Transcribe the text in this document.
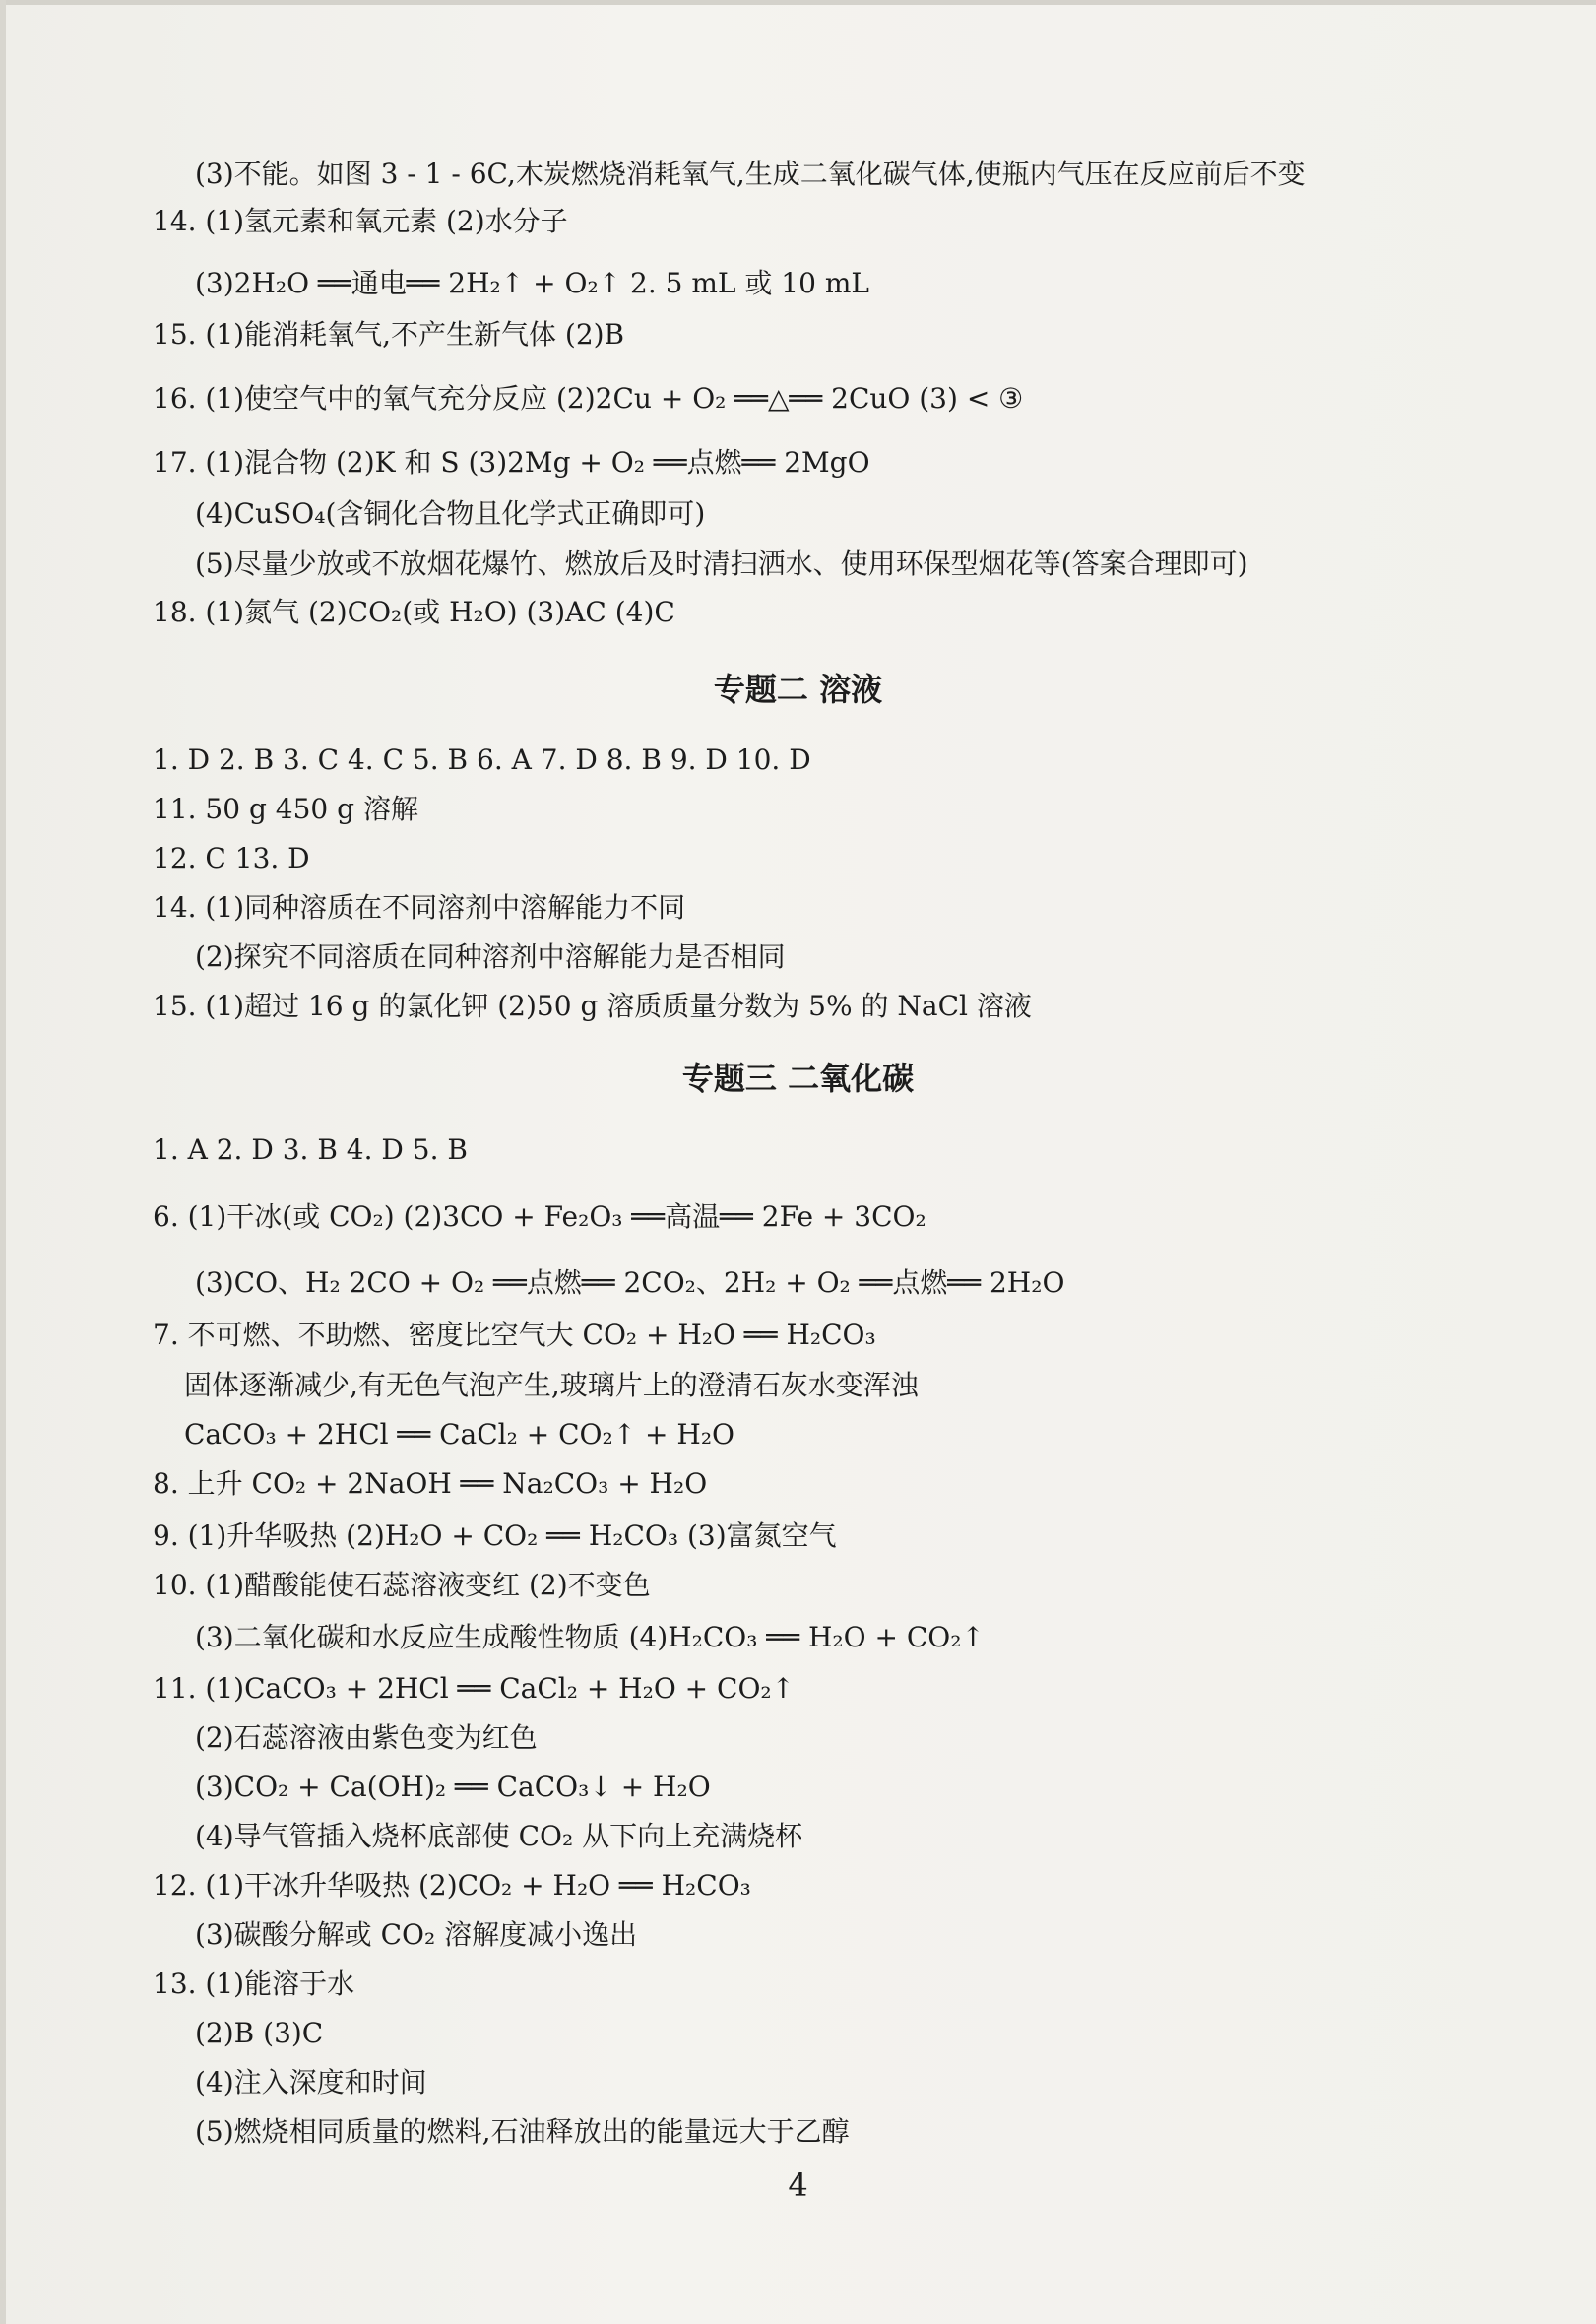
(3)不能。如图 3 - 1 - 6C,木炭燃烧消耗氧气,生成二氧化碳气体,使瓶内气压在反应前后不变
14. (1)氢元素和氧元素 (2)水分子
(3)2H₂O ══通电══ 2H₂↑ + O₂↑ 2. 5 mL 或 10 mL
15. (1)能消耗氧气,不产生新气体 (2)B
16. (1)使空气中的氧气充分反应 (2)2Cu + O₂ ══△══ 2CuO (3) < ③
17. (1)混合物 (2)K 和 S (3)2Mg + O₂ ══点燃══ 2MgO
(4)CuSO₄(含铜化合物且化学式正确即可)
(5)尽量少放或不放烟花爆竹、燃放后及时清扫洒水、使用环保型烟花等(答案合理即可)
18. (1)氮气 (2)CO₂(或 H₂O) (3)AC (4)C
专题二 溶液
1. D 2. B 3. C 4. C 5. B 6. A 7. D 8. B 9. D 10. D
11. 50 g 450 g 溶解
12. C 13. D
14. (1)同种溶质在不同溶剂中溶解能力不同
(2)探究不同溶质在同种溶剂中溶解能力是否相同
15. (1)超过 16 g 的氯化钾 (2)50 g 溶质质量分数为 5% 的 NaCl 溶液
专题三 二氧化碳
1. A 2. D 3. B 4. D 5. B
6. (1)干冰(或 CO₂) (2)3CO + Fe₂O₃ ══高温══ 2Fe + 3CO₂
(3)CO、H₂ 2CO + O₂ ══点燃══ 2CO₂、2H₂ + O₂ ══点燃══ 2H₂O
7. 不可燃、不助燃、密度比空气大 CO₂ + H₂O ══ H₂CO₃
固体逐渐减少,有无色气泡产生,玻璃片上的澄清石灰水变浑浊
CaCO₃ + 2HCl ══ CaCl₂ + CO₂↑ + H₂O
8. 上升 CO₂ + 2NaOH ══ Na₂CO₃ + H₂O
9. (1)升华吸热 (2)H₂O + CO₂ ══ H₂CO₃ (3)富氮空气
10. (1)醋酸能使石蕊溶液变红 (2)不变色
(3)二氧化碳和水反应生成酸性物质 (4)H₂CO₃ ══ H₂O + CO₂↑
11. (1)CaCO₃ + 2HCl ══ CaCl₂ + H₂O + CO₂↑
(2)石蕊溶液由紫色变为红色
(3)CO₂ + Ca(OH)₂ ══ CaCO₃↓ + H₂O
(4)导气管插入烧杯底部使 CO₂ 从下向上充满烧杯
12. (1)干冰升华吸热 (2)CO₂ + H₂O ══ H₂CO₃
(3)碳酸分解或 CO₂ 溶解度减小逸出
13. (1)能溶于水
(2)B (3)C
(4)注入深度和时间
(5)燃烧相同质量的燃料,石油释放出的能量远大于乙醇
4
